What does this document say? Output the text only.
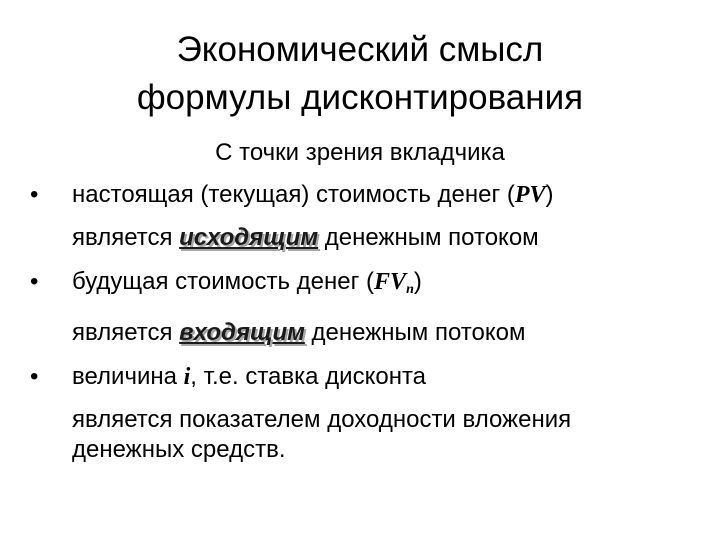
Экономический смысл
формулы дисконтирования
С точки зрения вкладчика
•	настоящая (текущая) стоимость денег (PV)
является исходящим денежным потоком
•	будущая стоимость денег $(FV_n)$
является входящим денежным потоком
•	величина i, т.е. ставка дисконта
является показателем доходности вложения
денежных средств.
